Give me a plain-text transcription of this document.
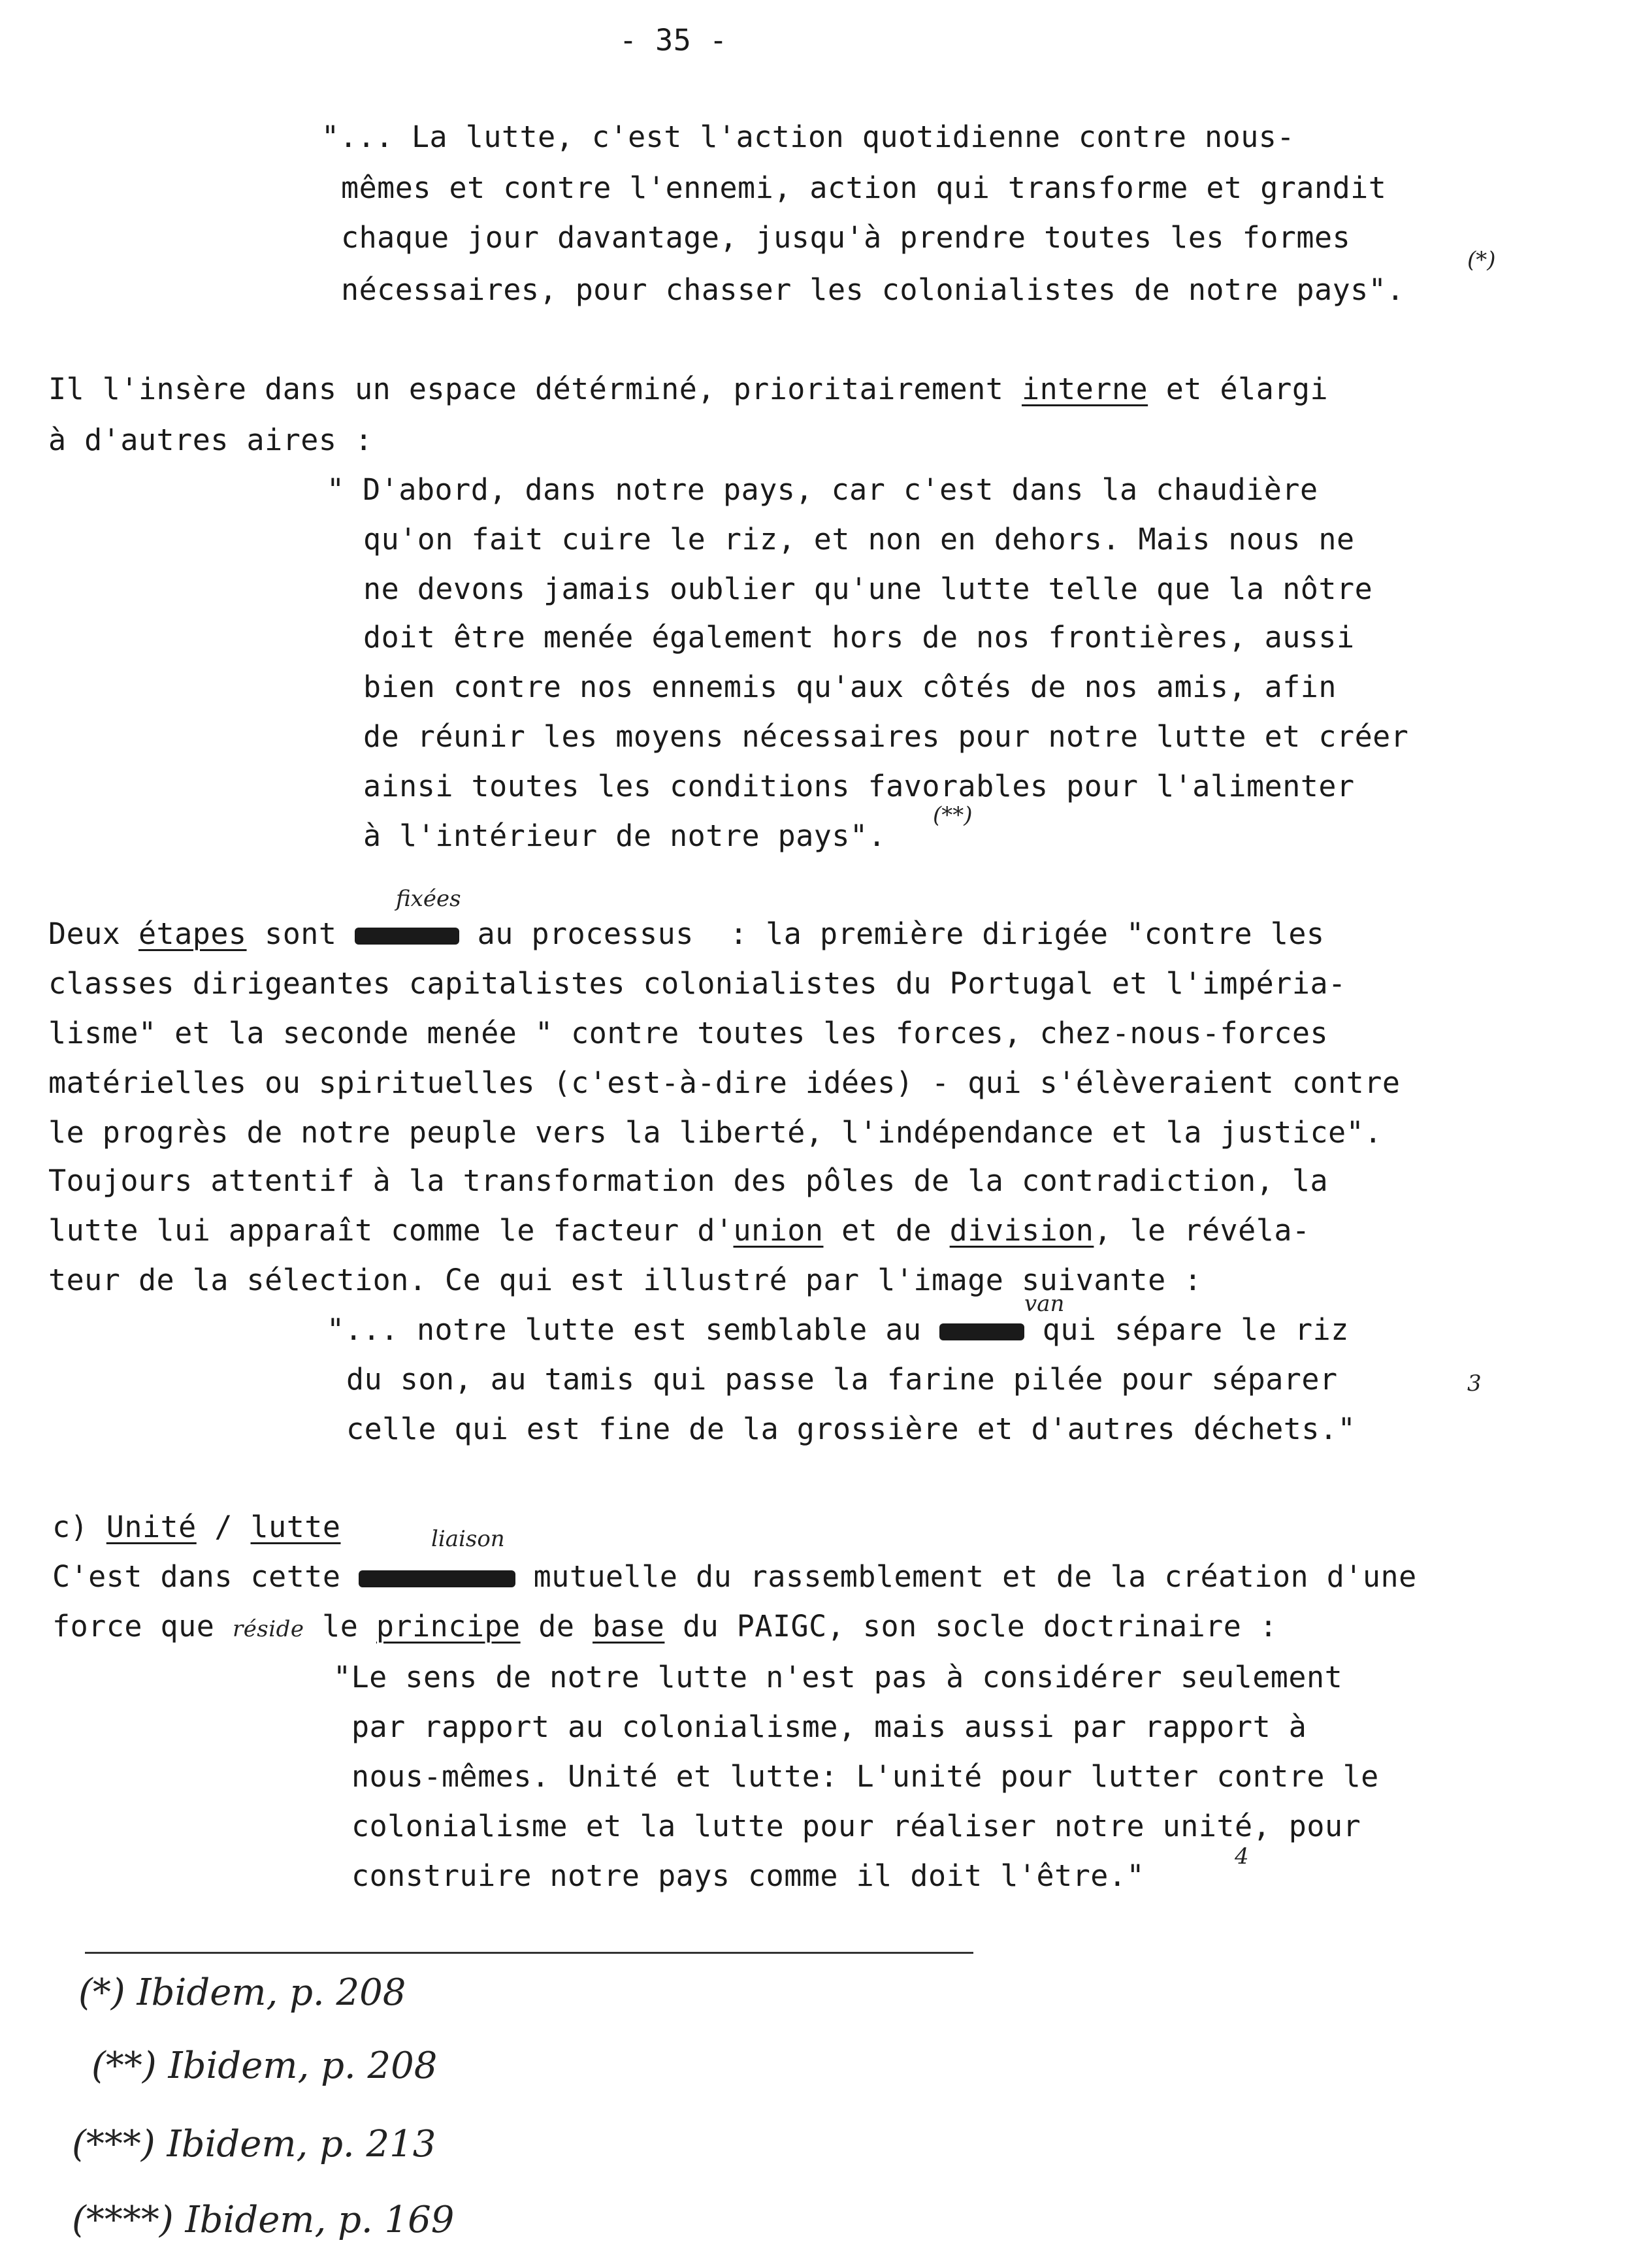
- 35 -
"... La lutte, c'est l'action quotidienne contre nous-
mêmes et contre l'ennemi, action qui transforme et grandit
chaque jour davantage, jusqu'à prendre toutes les formes
nécessaires, pour chasser les colonialistes de notre pays".
(*)
Il l'insère dans un espace détérminé, prioritairement interne et élargi
à d'autres aires :
" D'abord, dans notre pays, car c'est dans la chaudière
qu'on fait cuire le riz, et non en dehors. Mais nous ne
ne devons jamais oublier qu'une lutte telle que la nôtre
doit être menée également hors de nos frontières, aussi
bien contre nos ennemis qu'aux côtés de nos amis, afin
de réunir les moyens nécessaires pour notre lutte et créer
ainsi toutes les conditions favorables pour l'alimenter
à l'intérieur de notre pays".
(**)
fixées
Deux étapes sont	au processus  : la première dirigée "contre les
classes dirigeantes capitalistes colonialistes du Portugal et l'impéria-
lisme" et la seconde menée " contre toutes les forces, chez-nous-forces
matérielles ou spirituelles (c'est-à-dire idées) - qui s'élèveraient contre
le progrès de notre peuple vers la liberté, l'indépendance et la justice".
Toujours attentif à la transformation des pôles de la contradiction, la
lutte lui apparaît comme le facteur d'union et de division, le révéla-
teur de la sélection. Ce qui est illustré par l'image suivante :
van
"... notre lutte est semblable au	qui sépare le riz
du son, au tamis qui passe la farine pilée pour séparer
celle qui est fine de la grossière et d'autres déchets."
3
c) Unité / lutte	liaison
C'est dans cette	mutuelle du rassemblement et de la création d'une
force que réside le principe de base du PAIGC, son socle doctrinaire :
"Le sens de notre lutte n'est pas à considérer seulement
par rapport au colonialisme, mais aussi par rapport à
nous-mêmes. Unité et lutte: L'unité pour lutter contre le
colonialisme et la lutte pour réaliser notre unité, pour
construire notre pays comme il doit l'être."
4
(*) Ibidem, p. 208
(**) Ibidem, p. 208
(***) Ibidem, p. 213
(****) Ibidem, p. 169
